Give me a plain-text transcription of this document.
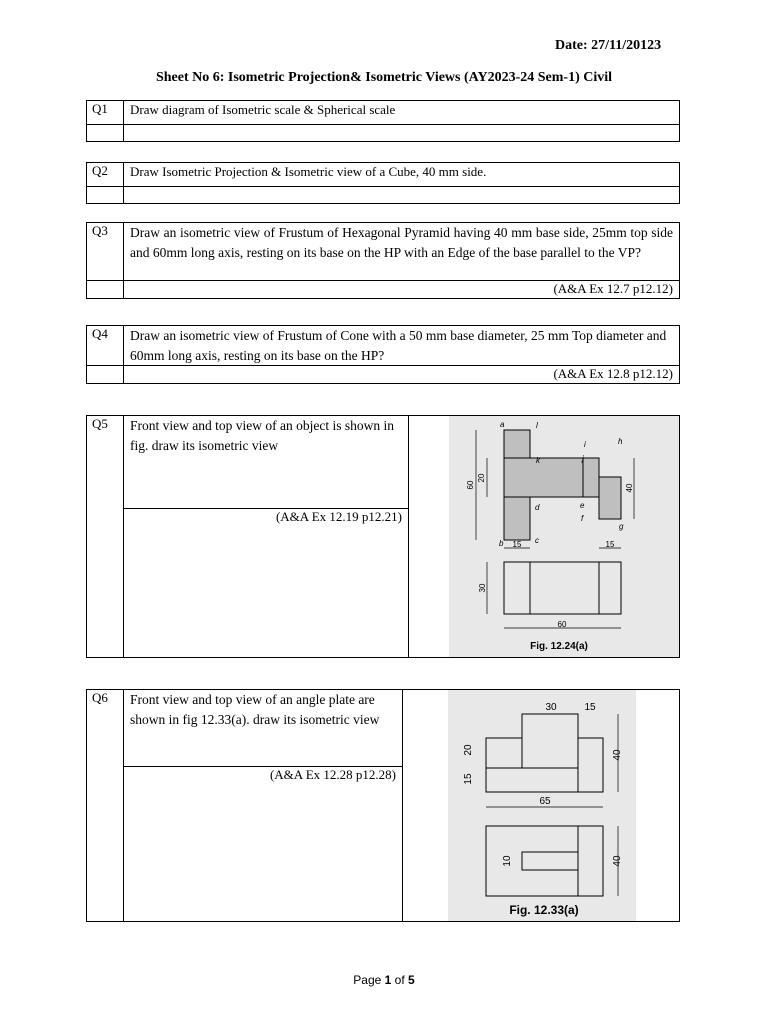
Date: 27/11/20123
Sheet No 6: Isometric Projection& Isometric Views (AY2023-24 Sem-1) Civil
Q1	Draw diagram of Isometric scale & Spherical scale

Q2	Draw Isometric Projection & Isometric view of a Cube, 40 mm side.

Q3	Draw an isometric view of Frustum of Hexagonal Pyramid having 40 mm base side, 25mm top side and 60mm long axis, resting on its base on the HP with an Edge of the base parallel to the VP?
	(A&A Ex 12.7 p12.12)
Q4	Draw an isometric view of Frustum of Cone with a 50 mm base diameter, 25 mm Top diameter and 60mm long axis, resting on its base on the HP?
	(A&A Ex 12.8 p12.12)
Q5	Front view and top view of an object is shown in fig. draw its isometric view
(A&A Ex 12.19 p12.21)

a	l
i	h
k	j
d	e
f
g
b	c
60
20
40
15	15
30
60
Fig. 12.24(a)
Q6	Front view and top view of an angle plate are shown in fig 12.33(a). draw its isometric view
(A&A Ex 12.28 p12.28)

30	15
20
15
40
65
10	40
Fig. 12.33(a)
Page 1 of 5
